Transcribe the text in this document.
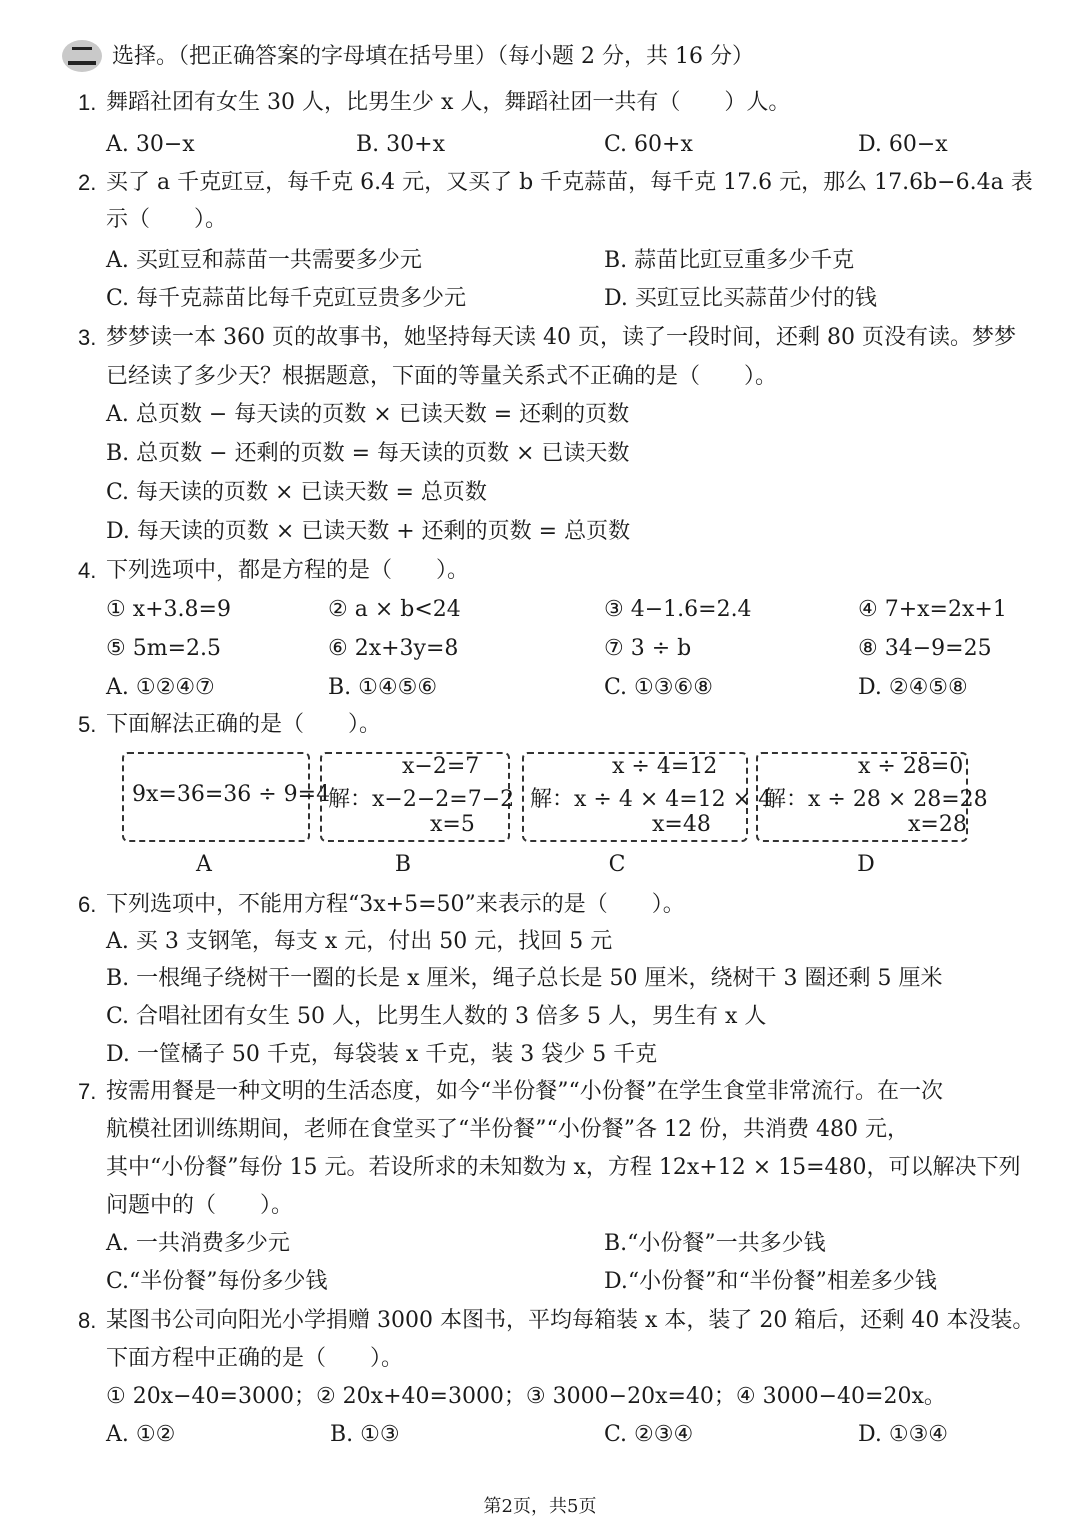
选择。（把正确答案的字母填在括号里）（每小题 2 分，共 16 分）
1. 舞蹈社团有女生 30 人，比男生少 x 人，舞蹈社团一共有（　　）人。
A. 30−x	B. 30+x	C. 60+x	D. 60−x
2. 买了 a 千克豇豆，每千克 6.4 元，又买了 b 千克蒜苗，每千克 17.6 元，那么 17.6b−6.4a 表
示（　　）。
A. 买豇豆和蒜苗一共需要多少元	B. 蒜苗比豇豆重多少千克
C. 每千克蒜苗比每千克豇豆贵多少元	D. 买豇豆比买蒜苗少付的钱
3. 梦梦读一本 360 页的故事书，她坚持每天读 40 页，读了一段时间，还剩 80 页没有读。梦梦
已经读了多少天？根据题意，下面的等量关系式不正确的是（　　）。
A. 总页数 − 每天读的页数 × 已读天数 = 还剩的页数
B. 总页数 − 还剩的页数 = 每天读的页数 × 已读天数
C. 每天读的页数 × 已读天数 = 总页数
D. 每天读的页数 × 已读天数 + 还剩的页数 = 总页数
4. 下列选项中，都是方程的是（　　）。
① x+3.8=9	② a × b<24	③ 4−1.6=2.4	④ 7+x=2x+1
⑤ 5m=2.5	⑥ 2x+3y=8	⑦ 3 ÷ b	⑧ 34−9=25
A. ①②④⑦	B. ①④⑤⑥	C. ①③⑥⑧	D. ②④⑤⑧
5. 下面解法正确的是（　　）。
9x=36=36 ÷ 9=4
A
x−2=7
解：x−2−2=7−2
x=5
B
x ÷ 4=12
解：x ÷ 4 × 4=12 × 4
x=48
C
x ÷ 28=0
解：x ÷ 28 × 28=28
x=28
D
6. 下列选项中，不能用方程“3x+5=50”来表示的是（　　）。
A. 买 3 支钢笔，每支 x 元，付出 50 元，找回 5 元
B. 一根绳子绕树干一圈的长是 x 厘米，绳子总长是 50 厘米，绕树干 3 圈还剩 5 厘米
C. 合唱社团有女生 50 人，比男生人数的 3 倍多 5 人，男生有 x 人
D. 一筐橘子 50 千克，每袋装 x 千克，装 3 袋少 5 千克
7. 按需用餐是一种文明的生活态度，如今“半份餐”“小份餐”在学生食堂非常流行。在一次
航模社团训练期间，老师在食堂买了“半份餐”“小份餐”各 12 份，共消费 480 元，
其中“小份餐”每份 15 元。若设所求的未知数为 x，方程 12x+12 × 15=480，可以解决下列
问题中的（　　）。
A. 一共消费多少元	B.“小份餐”一共多少钱
C.“半份餐”每份多少钱	D.“小份餐”和“半份餐”相差多少钱
8. 某图书公司向阳光小学捐赠 3000 本图书，平均每箱装 x 本，装了 20 箱后，还剩 40 本没装。
下面方程中正确的是（　　）。
① 20x−40=3000；② 20x+40=3000；③ 3000−20x=40；④ 3000−40=20x。
A. ①②	B. ①③	C. ②③④	D. ①③④
第2页，共5页
